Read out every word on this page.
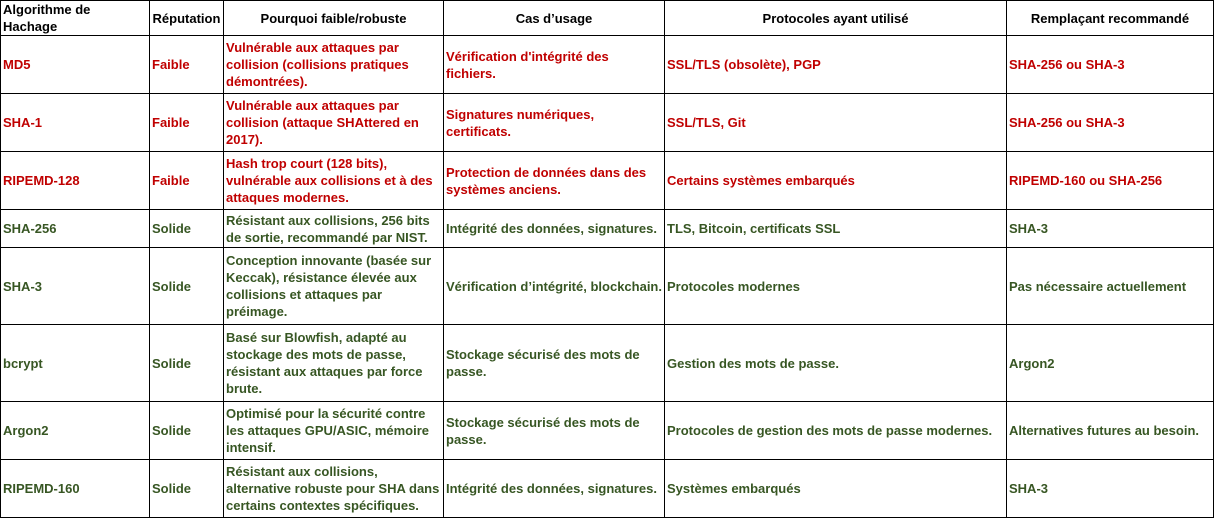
Algorithme de Hachage	Réputation	Pourquoi faible/robuste	Cas d’usage	Protocoles ayant utilisé	Remplaçant recommandé
MD5	Faible	Vulnérable aux attaques par collision (collisions pratiques démontrées).	Vérification d'intégrité des fichiers.	SSL/TLS (obsolète), PGP	SHA-256 ou SHA-3
SHA-1	Faible	Vulnérable aux attaques par collision (attaque SHAttered en 2017).	Signatures numériques, certificats.	SSL/TLS, Git	SHA-256 ou SHA-3
RIPEMD-128	Faible	Hash trop court (128 bits), vulnérable aux collisions et à des attaques modernes.	Protection de données dans des systèmes anciens.	Certains systèmes embarqués	RIPEMD-160 ou SHA-256
SHA-256	Solide	Résistant aux collisions, 256 bits de sortie, recommandé par NIST.	Intégrité des données, signatures.	TLS, Bitcoin, certificats SSL	SHA-3
SHA-3	Solide	Conception innovante (basée sur Keccak), résistance élevée aux collisions et attaques par préimage.	Vérification d’intégrité, blockchain.	Protocoles modernes	Pas nécessaire actuellement
bcrypt	Solide	Basé sur Blowfish, adapté au stockage des mots de passe, résistant aux attaques par force brute.	Stockage sécurisé des mots de passe.	Gestion des mots de passe.	Argon2
Argon2	Solide	Optimisé pour la sécurité contre les attaques GPU/ASIC, mémoire intensif.	Stockage sécurisé des mots de passe.	Protocoles de gestion des mots de passe modernes.	Alternatives futures au besoin.
RIPEMD-160	Solide	Résistant aux collisions, alternative robuste pour SHA dans certains contextes spécifiques.	Intégrité des données, signatures.	Systèmes embarqués	SHA-3
